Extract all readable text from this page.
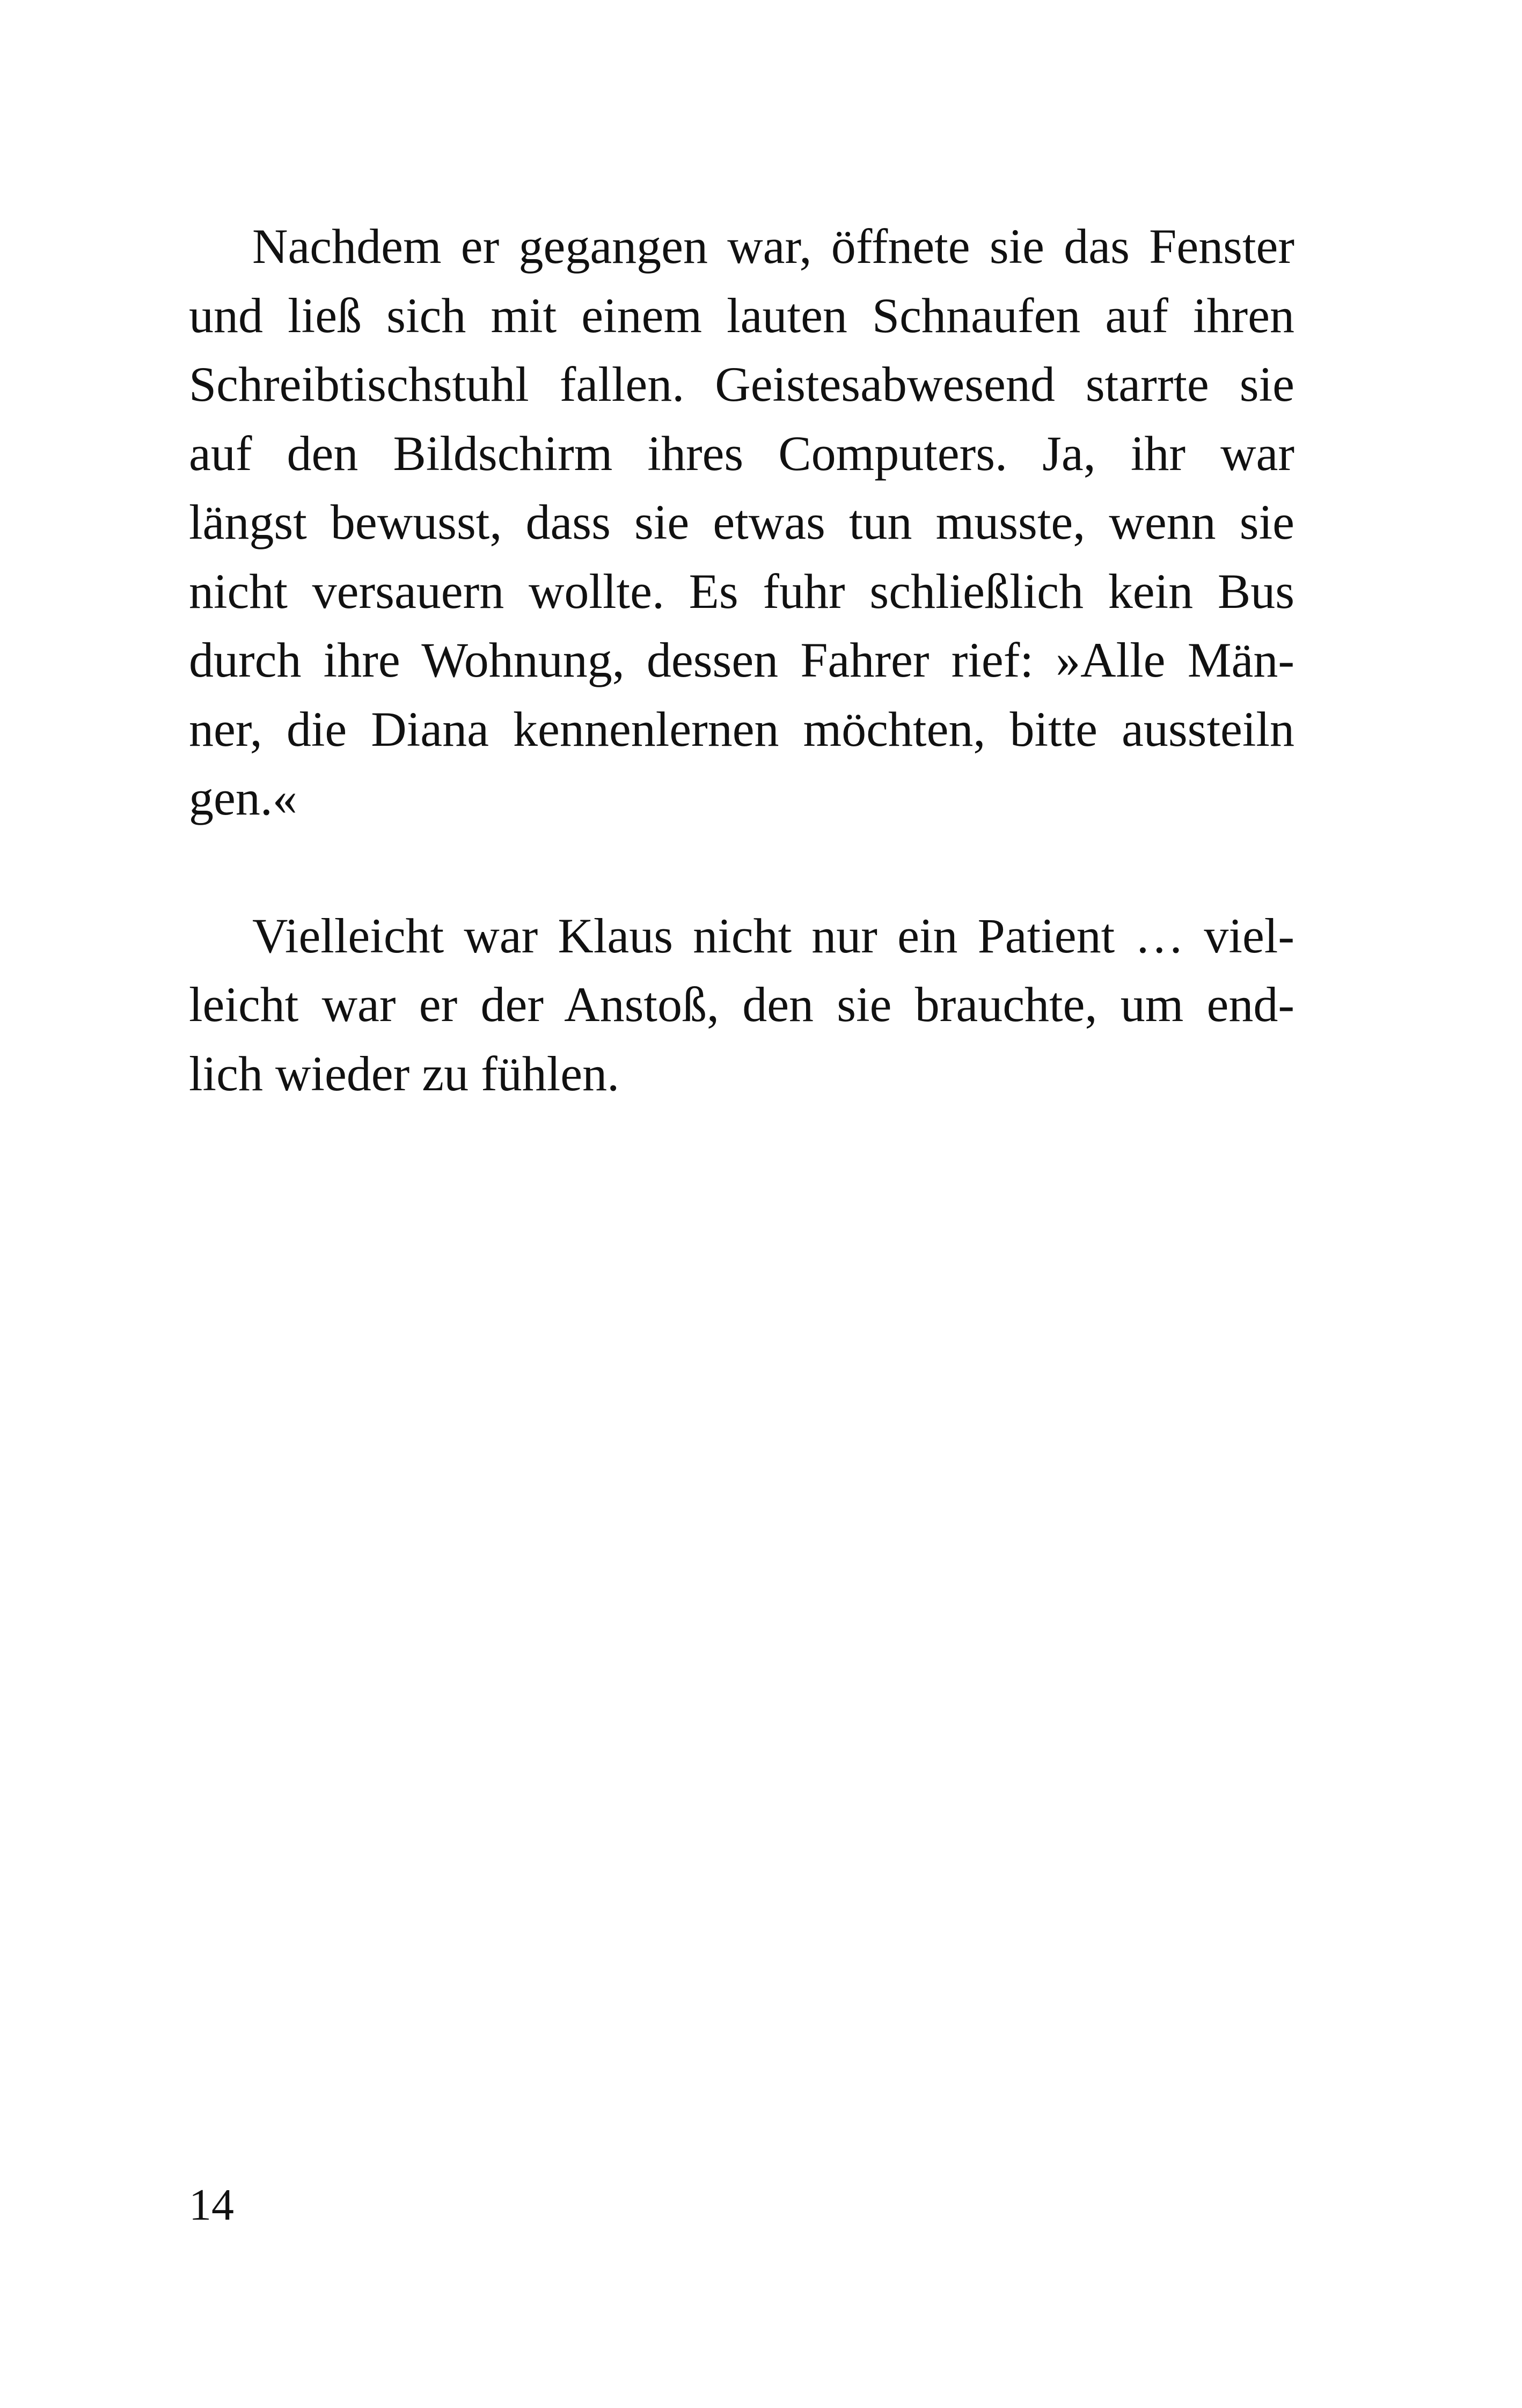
Nachdem er gegangen war, öffnete sie das Fenster
und ließ sich mit einem lauten Schnaufen auf ihren
Schreibtischstuhl fallen. Geistesabwesend starrte sie
auf den Bildschirm ihres Computers. Ja, ihr war
längst bewusst, dass sie etwas tun musste, wenn sie
nicht versauern wollte. Es fuhr schließlich kein Bus
durch ihre Wohnung, dessen Fahrer rief: »Alle Män-
ner, die Diana kennenlernen möchten, bitte aussteiln
gen.«
Vielleicht war Klaus nicht nur ein Patient … viel-
leicht war er der Anstoß, den sie brauchte, um end-
lich wieder zu fühlen.
14
